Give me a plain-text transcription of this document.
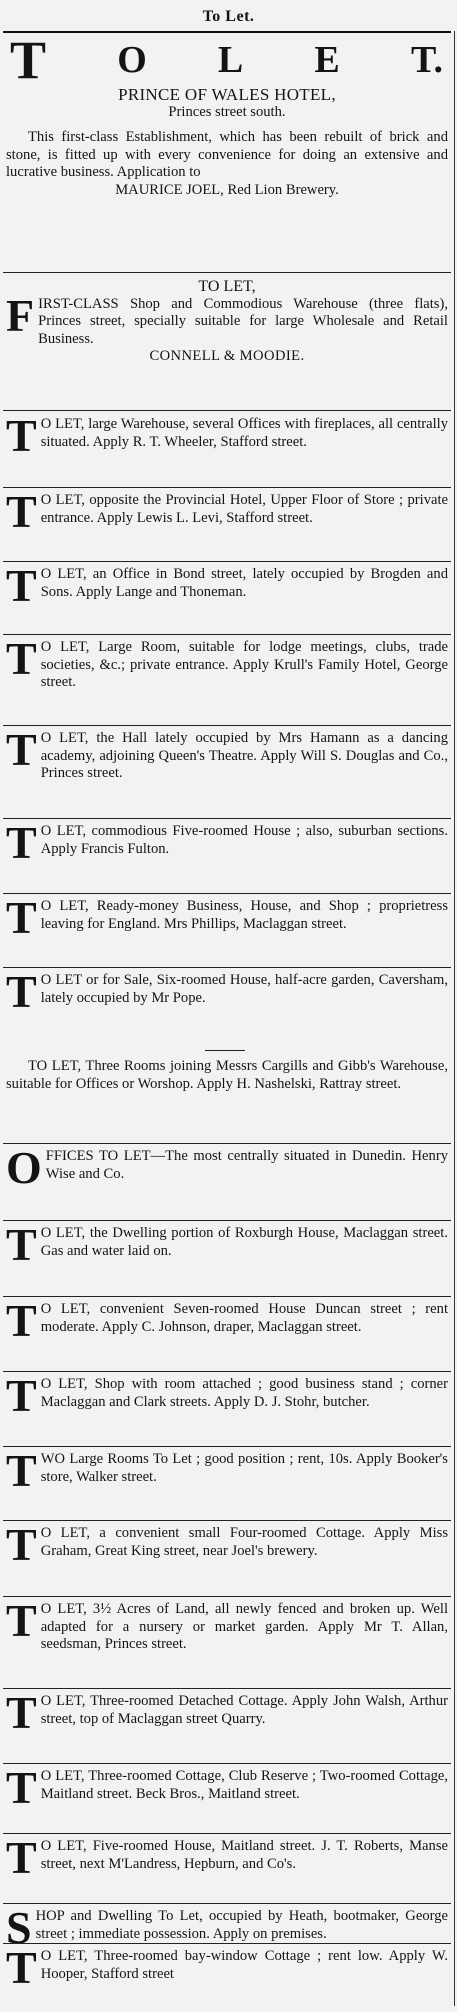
To Let.
T O L E T.
PRINCE OF WALES HOTEL,
Princes street south.

This first-class Establishment, which has been rebuilt of brick and stone, is fitted up with every convenience for doing an extensive and lucrative business. Application to

MAURICE JOEL, Red Lion Brewery.
TO LET,

FIRST-CLASS Shop and Commodious Warehouse (three flats), Princes street, specially suitable for large Wholesale and Retail Business.

CONNELL & MOODIE.

T O LET, large Warehouse, several Offices with fireplaces, all centrally situated. Apply R. T. Wheeler, Stafford street.

T O LET, opposite the Provincial Hotel, Upper Floor of Store ; private entrance. Apply Lewis L. Levi, Stafford street.

T O LET, an Office in Bond street, lately occupied by Brogden and Sons. Apply Lange and Thoneman.

T O LET, Large Room, suitable for lodge meetings, clubs, trade societies, &c.; private entrance. Apply Krull's Family Hotel, George street.

T O LET, the Hall lately occupied by Mrs Hamann as a dancing academy, adjoining Queen's Theatre. Apply Will S. Douglas and Co., Princes street.

T O LET, commodious Five-roomed House ; also, suburban sections. Apply Francis Fulton.

T O LET, Ready-money Business, House, and Shop ; proprietress leaving for England. Mrs Phillips, Maclaggan street.

T O LET or for Sale, Six-roomed House, half-acre garden, Caversham, lately occupied by Mr Pope.

TO LET, Three Rooms joining Messrs Cargills and Gibb's Warehouse, suitable for Offices or Worshop. Apply H. Nashelski, Rattray street.

OFFICES TO LET—The most centrally situated in Dunedin. Henry Wise and Co.

T O LET, the Dwelling portion of Roxburgh House, Maclaggan street. Gas and water laid on.

T O LET, convenient Seven-roomed House Duncan street ; rent moderate. Apply C. Johnson, draper, Maclaggan street.

T O LET, Shop with room attached ; good business stand ; corner Maclaggan and Clark streets. Apply D. J. Stohr, butcher.

TWO Large Rooms To Let ; good position ; rent, 10s. Apply Booker's store, Walker street.

T O LET, a convenient small Four-roomed Cottage. Apply Miss Graham, Great King street, near Joel's brewery.

T O LET, 3½ Acres of Land, all newly fenced and broken up. Well adapted for a nursery or market garden. Apply Mr T. Allan, seedsman, Princes street.

T O LET, Three-roomed Detached Cottage. Apply John Walsh, Arthur street, top of Maclaggan street Quarry.

T O LET, Three-roomed Cottage, Club Reserve ; Two-roomed Cottage, Maitland street. Beck Bros., Maitland street.

T O LET, Five-roomed House, Maitland street. J. T. Roberts, Manse street, next M'Landress, Hepburn, and Co's.

SHOP and Dwelling To Let, occupied by Heath, bootmaker, George street ; immediate possession. Apply on premises.

T O LET, Three-roomed bay-window Cottage ; rent low. Apply W. Hooper, Stafford street
